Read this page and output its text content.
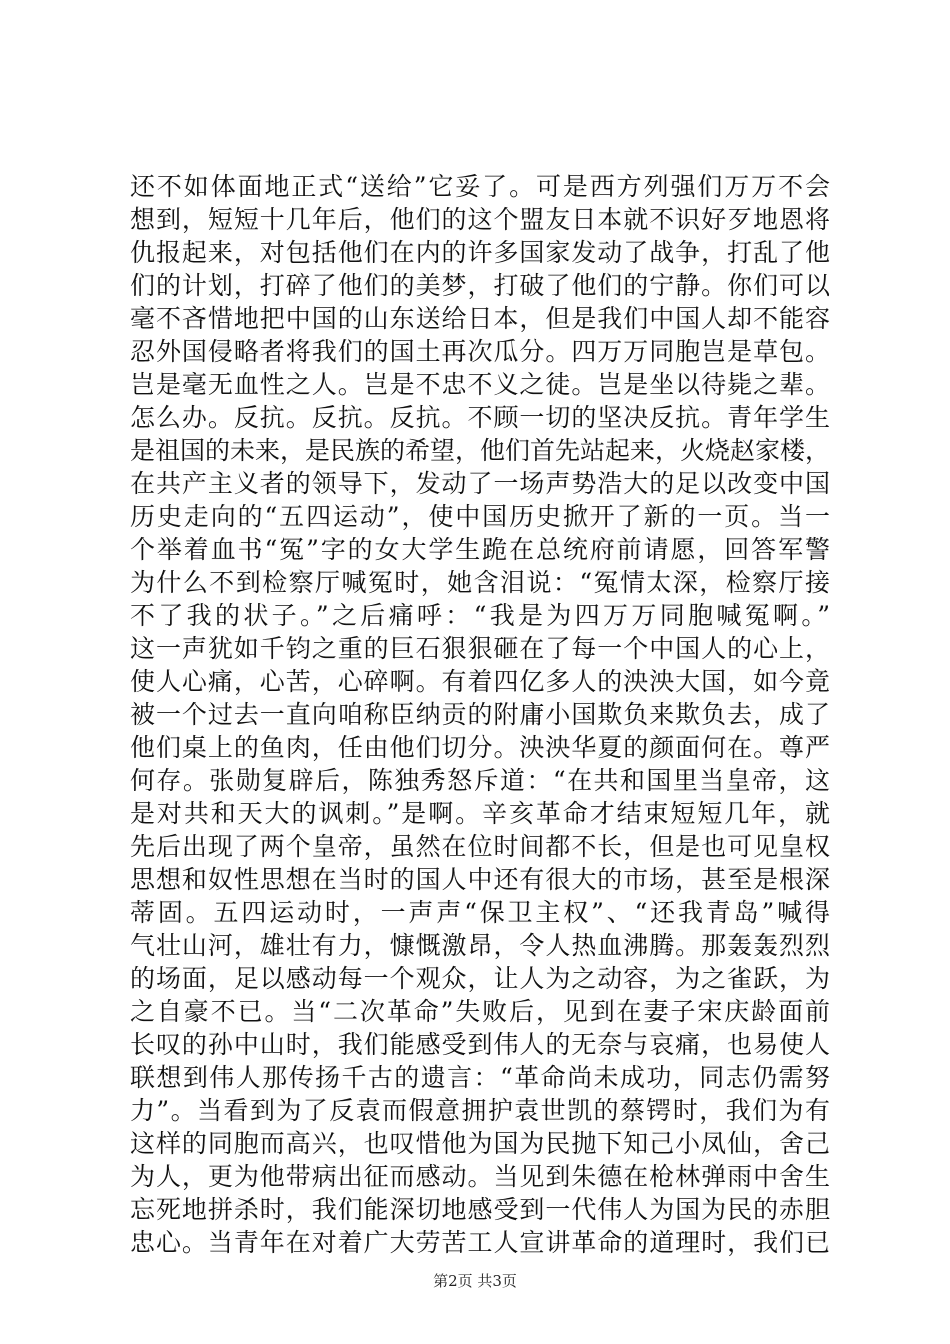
还不如体面地正式“送给”它妥了。可是西方列强们万万不会
想到，短短十几年后，他们的这个盟友日本就不识好歹地恩将
仇报起来，对包括他们在内的许多国家发动了战争，打乱了他
们的计划，打碎了他们的美梦，打破了他们的宁静。你们可以
毫不吝惜地把中国的山东送给日本，但是我们中国人却不能容
忍外国侵略者将我们的国土再次瓜分。四万万同胞岂是草包。
岂是毫无血性之人。岂是不忠不义之徒。岂是坐以待毙之辈。
怎么办。反抗。反抗。反抗。不顾一切的坚决反抗。青年学生
是祖国的未来，是民族的希望，他们首先站起来，火烧赵家楼，
在共产主义者的领导下，发动了一场声势浩大的足以改变中国
历史走向的“五四运动”，使中国历史掀开了新的一页。当一
个举着血书“冤”字的女大学生跪在总统府前请愿，回答军警
为什么不到检察厅喊冤时，她含泪说：“冤情太深，检察厅接
不了我的状子。”之后痛呼：“我是为四万万同胞喊冤啊。”
这一声犹如千钧之重的巨石狠狠砸在了每一个中国人的心上，
使人心痛，心苦，心碎啊。有着四亿多人的泱泱大国，如今竟
被一个过去一直向咱称臣纳贡的附庸小国欺负来欺负去，成了
他们桌上的鱼肉，任由他们切分。泱泱华夏的颜面何在。尊严
何存。张勋复辟后，陈独秀怒斥道：“在共和国里当皇帝，这
是对共和天大的讽刺。”是啊。辛亥革命才结束短短几年，就
先后出现了两个皇帝，虽然在位时间都不长，但是也可见皇权
思想和奴性思想在当时的国人中还有很大的市场，甚至是根深
蒂固。五四运动时，一声声“保卫主权”、“还我青岛”喊得
气壮山河，雄壮有力，慷慨激昂，令人热血沸腾。那轰轰烈烈
的场面，足以感动每一个观众，让人为之动容，为之雀跃，为
之自豪不已。当“二次革命”失败后，见到在妻子宋庆龄面前
长叹的孙中山时，我们能感受到伟人的无奈与哀痛，也易使人
联想到伟人那传扬千古的遗言：“革命尚未成功，同志仍需努
力”。当看到为了反袁而假意拥护袁世凯的蔡锷时，我们为有
这样的同胞而高兴，也叹惜他为国为民抛下知己小凤仙，舍己
为人，更为他带病出征而感动。当见到朱德在枪林弹雨中舍生
忘死地拼杀时，我们能深切地感受到一代伟人为国为民的赤胆
忠心。当青年在对着广大劳苦工人宣讲革命的道理时，我们已
第2页 共3页
